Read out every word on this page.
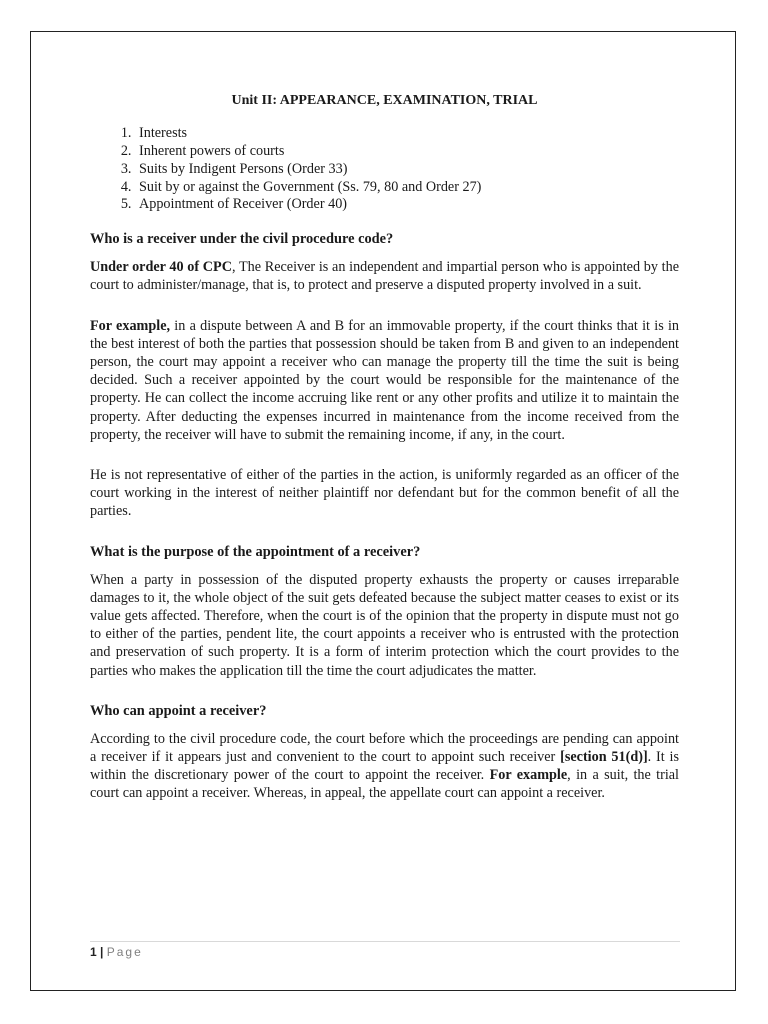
Unit II: APPEARANCE, EXAMINATION, TRIAL
1. Interests
2. Inherent powers of courts
3. Suits by Indigent Persons (Order 33)
4. Suit by or against the Government (Ss. 79, 80 and Order 27)
5. Appointment of Receiver (Order 40)
Who is a receiver under the civil procedure code?

Under order 40 of CPC, The Receiver is an independent and impartial person who is appointed by the court to administer/manage, that is, to protect and preserve a disputed property involved in a suit.

For example, in a dispute between A and B for an immovable property, if the court thinks that it is in the best interest of both the parties that possession should be taken from B and given to an independent person, the court may appoint a receiver who can manage the property till the time the suit is being decided. Such a receiver appointed by the court would be responsible for the maintenance of the property. He can collect the income accruing like rent or any other profits and utilize it to maintain the property. After deducting the expenses incurred in maintenance from the income received from the property, the receiver will have to submit the remaining income, if any, in the court.

He is not representative of either of the parties in the action, is uniformly regarded as an officer of the court working in the interest of neither plaintiff nor defendant but for the common benefit of all the parties.

What is the purpose of the appointment of a receiver?

When a party in possession of the disputed property exhausts the property or causes irreparable damages to it, the whole object of the suit gets defeated because the subject matter ceases to exist or its value gets affected. Therefore, when the court is of the opinion that the property in dispute must not go to either of the parties, pendent lite, the court appoints a receiver who is entrusted with the protection and preservation of such property. It is a form of interim protection which the court provides to the parties who makes the application till the time the court adjudicates the matter.

Who can appoint a receiver?

According to the civil procedure code, the court before which the proceedings are pending can appoint a receiver if it appears just and convenient to the court to appoint such receiver [section 51(d)]. It is within the discretionary power of the court to appoint the receiver. For example, in a suit, the trial court can appoint a receiver. Whereas, in appeal, the appellate court can appoint a receiver.

1 | Page
